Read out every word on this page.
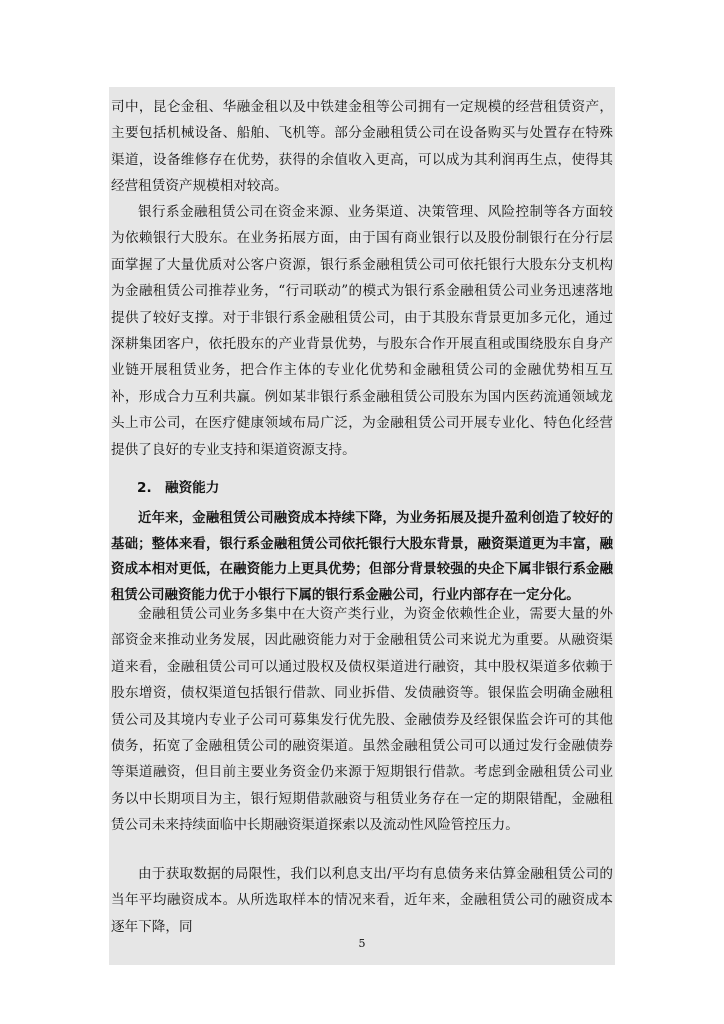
司中，昆仑金租、华融金租以及中铁建金租等公司拥有一定规模的经营租赁资产，主要包括机械设备、船舶、飞机等。部分金融租赁公司在设备购买与处置存在特殊渠道，设备维修存在优势，获得的余值收入更高，可以成为其利润再生点，使得其经营租赁资产规模相对较高。

银行系金融租赁公司在资金来源、业务渠道、决策管理、风险控制等各方面较为依赖银行大股东。在业务拓展方面，由于国有商业银行以及股份制银行在分行层面掌握了大量优质对公客户资源，银行系金融租赁公司可依托银行大股东分支机构为金融租赁公司推荐业务，“行司联动”的模式为银行系金融租赁公司业务迅速落地提供了较好支撑。对于非银行系金融租赁公司，由于其股东背景更加多元化，通过深耕集团客户，依托股东的产业背景优势，与股东合作开展直租或围绕股东自身产业链开展租赁业务，把合作主体的专业化优势和金融租赁公司的金融优势相互互补，形成合力互利共赢。例如某非银行系金融租赁公司股东为国内医药流通领域龙头上市公司，在医疗健康领域布局广泛，为金融租赁公司开展专业化、特色化经营提供了良好的专业支持和渠道资源支持。

2. 融资能力

近年来，金融租赁公司融资成本持续下降，为业务拓展及提升盈利创造了较好的基础；整体来看，银行系金融租赁公司依托银行大股东背景，融资渠道更为丰富，融资成本相对更低，在融资能力上更具优势；但部分背景较强的央企下属非银行系金融租赁公司融资能力优于小银行下属的银行系金融公司，行业内部存在一定分化。

金融租赁公司业务多集中在大资产类行业，为资金依赖性企业，需要大量的外部资金来推动业务发展，因此融资能力对于金融租赁公司来说尤为重要。从融资渠道来看，金融租赁公司可以通过股权及债权渠道进行融资，其中股权渠道多依赖于股东增资，债权渠道包括银行借款、同业拆借、发债融资等。银保监会明确金融租赁公司及其境内专业子公司可募集发行优先股、金融债券及经银保监会许可的其他债务，拓宽了金融租赁公司的融资渠道。虽然金融租赁公司可以通过发行金融债券等渠道融资，但目前主要业务资金仍来源于短期银行借款。考虑到金融租赁公司业务以中长期项目为主，银行短期借款融资与租赁业务存在一定的期限错配，金融租赁公司未来持续面临中长期融资渠道探索以及流动性风险管控压力。

由于获取数据的局限性，我们以利息支出/平均有息债务来估算金融租赁公司的当年平均融资成本。从所选取样本的情况来看，近年来，金融租赁公司的融资成本逐年下降，同

5
